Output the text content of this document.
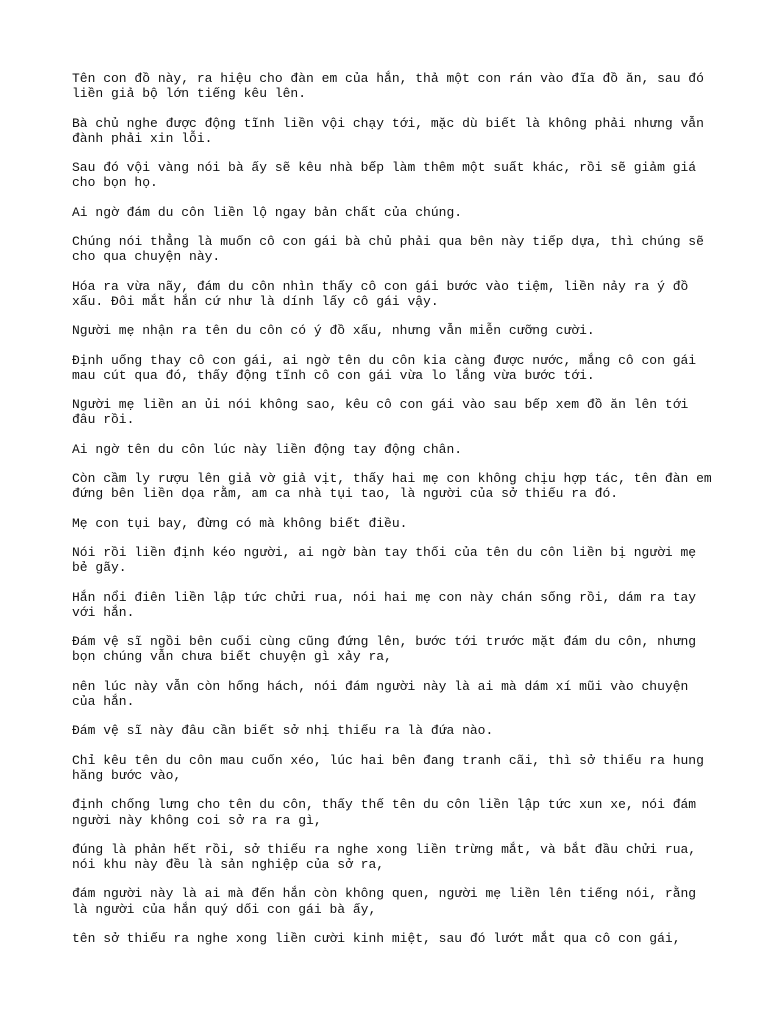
Tên con đồ này, ra hiệu cho đàn em của hắn, thả một con rán vào đĩa đồ ăn, sau đó liền giả bộ lớn tiếng kêu lên.

Bà chủ nghe được động tĩnh liền vội chạy tới, mặc dù biết là không phải nhưng vẫn đành phải xin lỗi.

Sau đó vội vàng nói bà ấy sẽ kêu nhà bếp làm thêm một suất khác, rồi sẽ giảm giá cho bọn họ.

Ai ngờ đám du côn liền lộ ngay bản chất của chúng.

Chúng nói thẳng là muốn cô con gái bà chủ phải qua bên này tiếp dựa, thì chúng sẽ cho qua chuyện này.

Hóa ra vừa nãy, đám du côn nhìn thấy cô con gái bước vào tiệm, liền nảy ra ý đồ xấu. Đôi mắt hắn cứ như là dính lấy cô gái vậy.

Người mẹ nhận ra tên du côn có ý đồ xấu, nhưng vẫn miễn cưỡng cười.

Định uống thay cô con gái, ai ngờ tên du côn kia càng được nước, mắng cô con gái mau cút qua đó, thấy động tĩnh cô con gái vừa lo lắng vừa bước tới.

Người mẹ liền an ủi nói không sao, kêu cô con gái vào sau bếp xem đồ ăn lên tới đâu rồi.

Ai ngờ tên du côn lúc này liền động tay động chân.

Còn cầm ly rượu lên giả vờ giả vịt, thấy hai mẹ con không chịu hợp tác, tên đàn em đứng bên liền dọa rằm, am ca nhà tụi tao, là người của sở thiếu ra đó.

Mẹ con tụi bay, đừng có mà không biết điều.

Nói rồi liền định kéo người, ai ngờ bàn tay thối của tên du côn liền bị người mẹ bẻ gãy.

Hắn nổi điên liền lập tức chửi rua, nói hai mẹ con này chán sống rồi, dám ra tay với hắn.

Đám vệ sĩ ngồi bên cuối cùng cũng đứng lên, bước tới trước mặt đám du côn, nhưng bọn chúng vẫn chưa biết chuyện gì xảy ra,

nên lúc này vẫn còn hống hách, nói đám người này là ai mà dám xí mũi vào chuyện của hắn.

Đám vệ sĩ này đâu cần biết sở nhị thiếu ra là đứa nào.

Chỉ kêu tên du côn mau cuốn xéo, lúc hai bên đang tranh cãi, thì sở thiếu ra hung hăng bước vào,

định chống lưng cho tên du côn, thấy thế tên du côn liền lập tức xun xe, nói đám người này không coi sở ra ra gì,

đúng là phản hết rồi, sở thiếu ra nghe xong liền trừng mắt, và bắt đầu chửi rua, nói khu này đều là sản nghiệp của sở ra,

đám người này là ai mà đến hắn còn không quen, người mẹ liền lên tiếng nói, rằng là người của hắn quý dối con gái bà ấy,

tên sở thiếu ra nghe xong liền cười kinh miệt, sau đó lướt mắt qua cô con gái,
